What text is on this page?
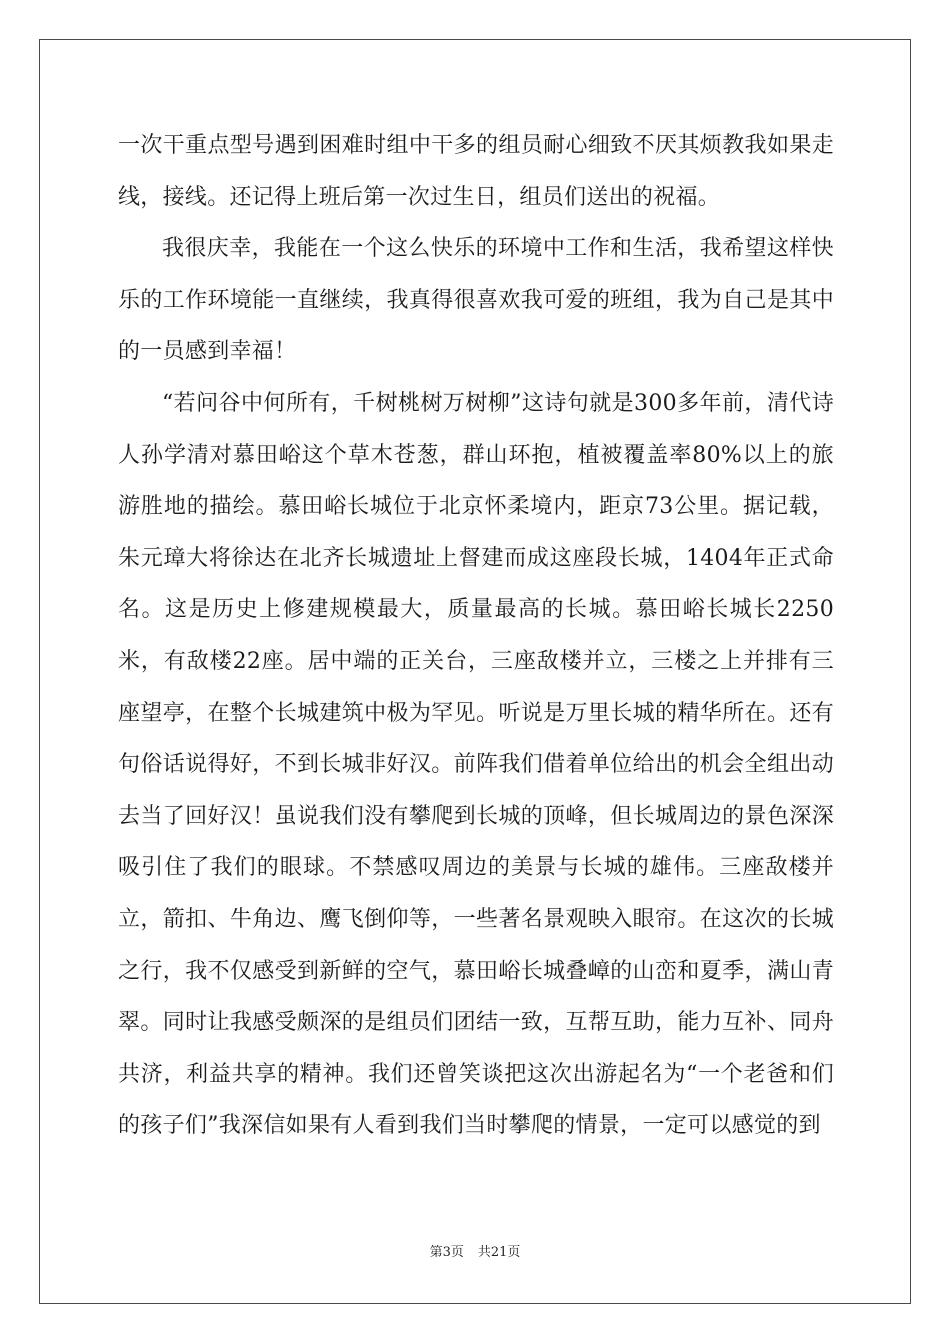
一次干重点型号遇到困难时组中干多的组员耐心细致不厌其烦教我如果走线，接线。还记得上班后第一次过生日，组员们送出的祝福。

我很庆幸，我能在一个这么快乐的环境中工作和生活，我希望这样快乐的工作环境能一直继续，我真得很喜欢我可爱的班组，我为自己是其中的一员感到幸福！

“若问谷中何所有，千树桃树万树柳”这诗句就是300多年前，清代诗人孙学清对慕田峪这个草木苍葱，群山环抱，植被覆盖率80%以上的旅游胜地的描绘。慕田峪长城位于北京怀柔境内，距京73公里。据记载，朱元璋大将徐达在北齐长城遗址上督建而成这座段长城，1404年正式命名。这是历史上修建规模最大，质量最高的长城。慕田峪长城长2250米，有敌楼22座。居中端的正关台，三座敌楼并立，三楼之上并排有三座望亭，在整个长城建筑中极为罕见。听说是万里长城的精华所在。还有句俗话说得好，不到长城非好汉。前阵我们借着单位给出的机会全组出动去当了回好汉！虽说我们没有攀爬到长城的顶峰，但长城周边的景色深深吸引住了我们的眼球。不禁感叹周边的美景与长城的雄伟。三座敌楼并立，箭扣、牛角边、鹰飞倒仰等，一些著名景观映入眼帘。在这次的长城之行，我不仅感受到新鲜的空气，慕田峪长城叠嶂的山峦和夏季，满山青翠。同时让我感受颇深的是组员们团结一致，互帮互助，能力互补、同舟共济，利益共享的精神。我们还曾笑谈把这次出游起名为“一个老爸和们的孩子们”我深信如果有人看到我们当时攀爬的情景，一定可以感觉的到

第3页 共21页
